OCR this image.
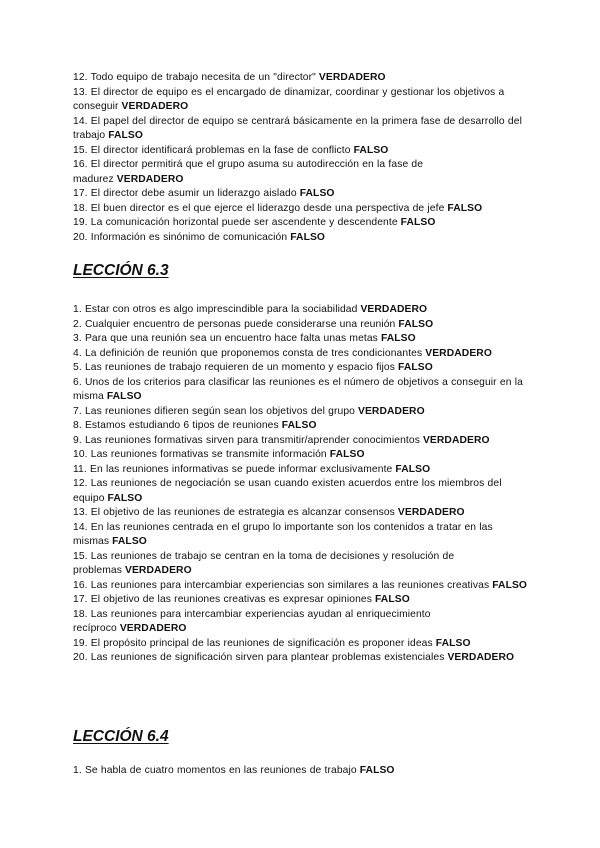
12. Todo equipo de trabajo necesita de un "director" VERDADERO
13. El director de equipo es el encargado de dinamizar, coordinar y gestionar los objetivos a conseguir VERDADERO
14. El papel del director de equipo se centrará básicamente en la primera fase de desarrollo del trabajo FALSO
15. El director identificará problemas en la fase de conflicto FALSO
16. El director permitirá que el grupo asuma su autodirección en la fase de madurez VERDADERO
17. El director debe asumir un liderazgo aislado FALSO
18. El buen director es el que ejerce el liderazgo desde una perspectiva de jefe FALSO
19. La comunicación horizontal puede ser ascendente y descendente FALSO
20. Información es sinónimo de comunicación FALSO
LECCIÓN 6.3
1. Estar con otros es algo imprescindible para la sociabilidad VERDADERO
2. Cualquier encuentro de personas puede considerarse una reunión FALSO
3. Para que una reunión sea un encuentro hace falta unas metas FALSO
4. La definición de reunión que proponemos consta de tres condicionantes VERDADERO
5. Las reuniones de trabajo requieren de un momento y espacio fijos FALSO
6. Unos de los criterios para clasificar las reuniones es el número de objetivos a conseguir en la misma FALSO
7. Las reuniones difieren según sean los objetivos del grupo VERDADERO
8. Estamos estudiando 6 tipos de reuniones FALSO
9. Las reuniones formativas sirven para transmitir/aprender conocimientos VERDADERO
10. Las reuniones formativas se transmite información FALSO
11. En las reuniones informativas se puede informar exclusivamente FALSO
12. Las reuniones de negociación se usan cuando existen acuerdos entre los miembros del equipo FALSO
13. El objetivo de las reuniones de estrategia es alcanzar consensos VERDADERO
14. En las reuniones centrada en el grupo lo importante son los contenidos a tratar en las mismas FALSO
15. Las reuniones de trabajo se centran en la toma de decisiones y resolución de problemas VERDADERO
16. Las reuniones para intercambiar experiencias son similares a las reuniones creativas FALSO
17. El objetivo de las reuniones creativas es expresar opiniones FALSO
18. Las reuniones para intercambiar experiencias ayudan al enriquecimiento recíproco VERDADERO
19. El propósito principal de las reuniones de significación es proponer ideas FALSO
20. Las reuniones de significación sirven para plantear problemas existenciales VERDADERO
LECCIÓN 6.4
1. Se habla de cuatro momentos en las reuniones de trabajo FALSO
